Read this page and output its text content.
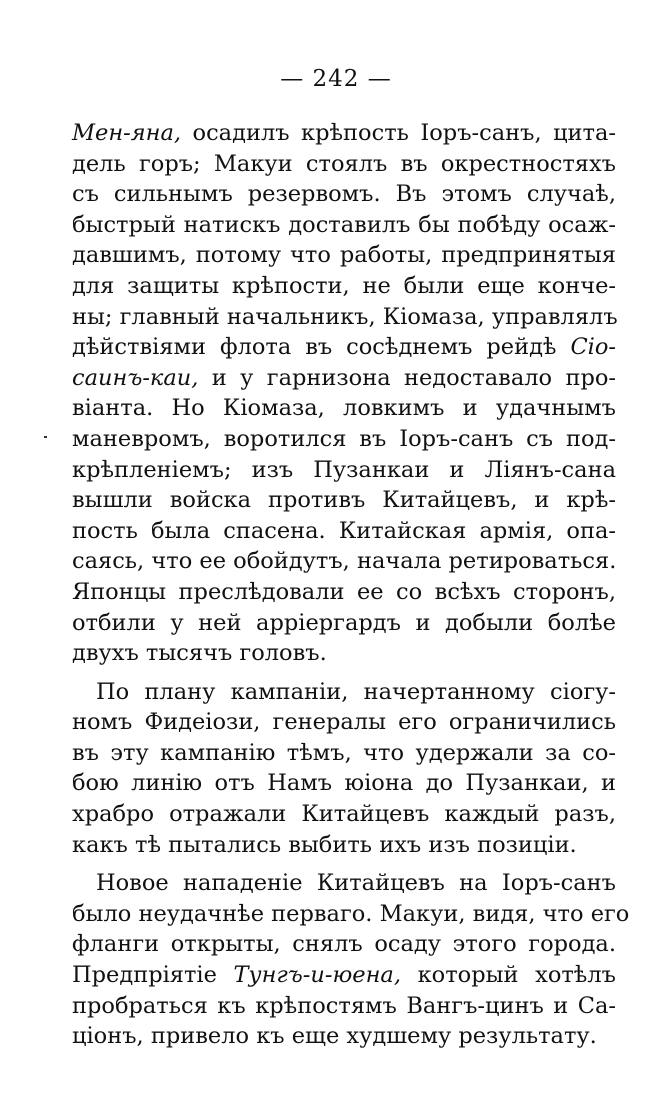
— 242 —
Мен-яна, осадилъ крѣпость Іоръ-санъ, цита-
дель горъ; Макуи стоялъ въ окрестностяхъ
съ сильнымъ резервомъ. Въ этомъ случаѣ,
быстрый натискъ доставилъ бы побѣду осаж-
давшимъ, потому что работы, предпринятыя
для защиты крѣпости, не были еще конче-
ны; главный начальникъ, Кіомаза, управлялъ
дѣйствіями флота въ сосѣднемъ рейдѣ Сіо-
саинъ-каи, и у гарнизона недоставало про-
віанта. Но Кіомаза, ловкимъ и удачнымъ
маневромъ, воротился въ Іоръ-санъ съ под-
крѣпленіемъ; изъ Пузанкаи и Ліянъ-сана
вышли войска противъ Китайцевъ, и крѣ-
пость была спасена. Китайская армія, опа-
саясь, что ее обойдутъ, начала ретироваться.
Японцы преслѣдовали ее со всѣхъ сторонъ,
отбили у ней арріергардъ и добыли болѣе
двухъ тысячъ головъ.
По плану кампаніи, начертанному сіогу-
номъ Фидеіози, генералы его ограничились
въ эту кампанію тѣмъ, что удержали за со-
бою линію отъ Намъ юіона до Пузанкаи, и
храбро отражали Китайцевъ каждый разъ,
какъ тѣ пытались выбить ихъ изъ позиціи.
Новое нападеніе Китайцевъ на Іоръ-санъ
было неудачнѣе перваго. Макуи, видя, что его
фланги открыты, снялъ осаду этого города.
Предпріятіе Тунгъ-и-юена, который хотѣлъ
пробраться къ крѣпостямъ Вангъ-цинъ и Са-
ціонъ, привело къ еще худшему результату.
